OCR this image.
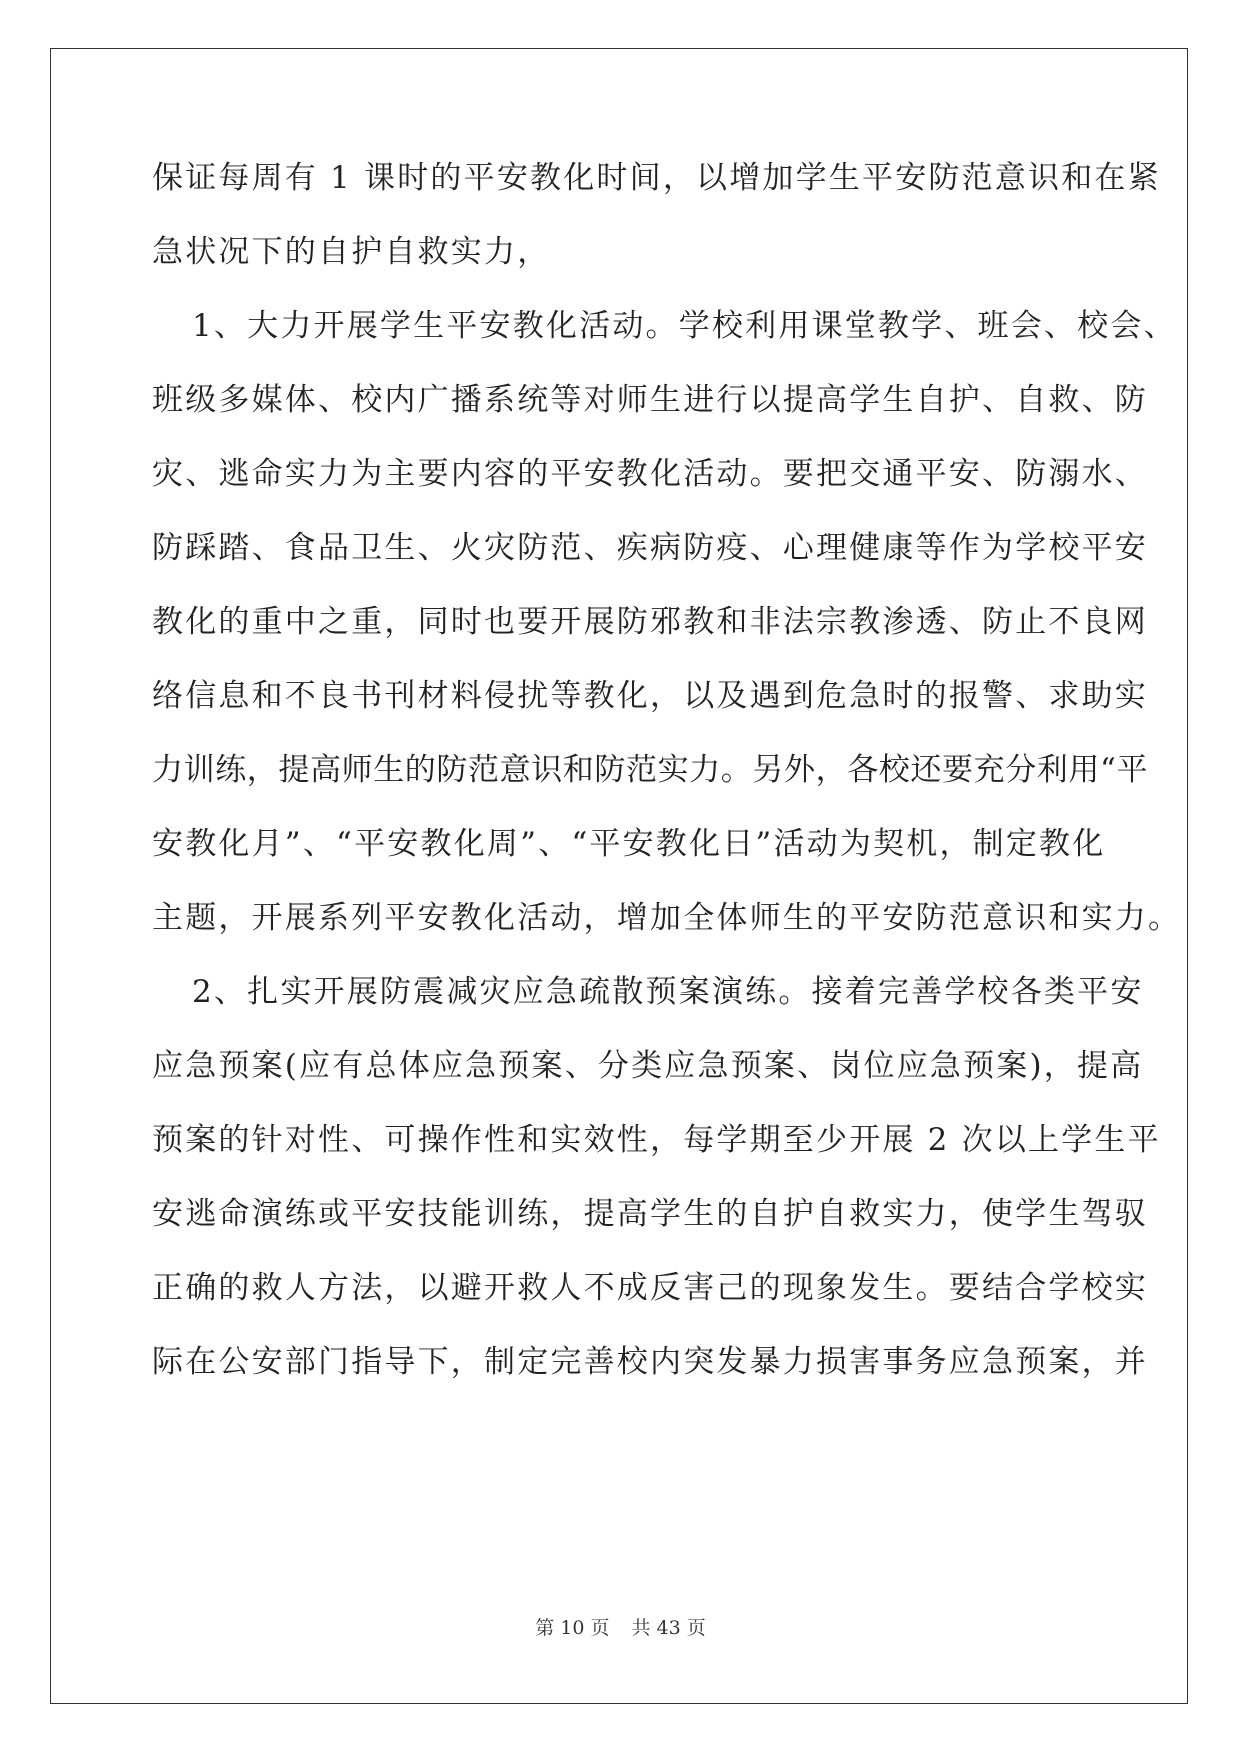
保证每周有 1 课时的平安教化时间，以增加学生平安防范意识和在紧
急状况下的自护自救实力，
1、大力开展学生平安教化活动。学校利用课堂教学、班会、校会、
班级多媒体、校内广播系统等对师生进行以提高学生自护、自救、防
灾、逃命实力为主要内容的平安教化活动。要把交通平安、防溺水、
防踩踏、食品卫生、火灾防范、疾病防疫、心理健康等作为学校平安
教化的重中之重，同时也要开展防邪教和非法宗教渗透、防止不良网
络信息和不良书刊材料侵扰等教化，以及遇到危急时的报警、求助实
力训练，提高师生的防范意识和防范实力。另外，各校还要充分利用“平
安教化月”、“平安教化周”、“平安教化日”活动为契机，制定教化
主题，开展系列平安教化活动，增加全体师生的平安防范意识和实力。
2、扎实开展防震减灾应急疏散预案演练。接着完善学校各类平安
应急预案(应有总体应急预案、分类应急预案、岗位应急预案)，提高
预案的针对性、可操作性和实效性，每学期至少开展 2 次以上学生平
安逃命演练或平安技能训练，提高学生的自护自救实力，使学生驾驭
正确的救人方法，以避开救人不成反害己的现象发生。要结合学校实
际在公安部门指导下，制定完善校内突发暴力损害事务应急预案，并
第 10 页 共 43 页
